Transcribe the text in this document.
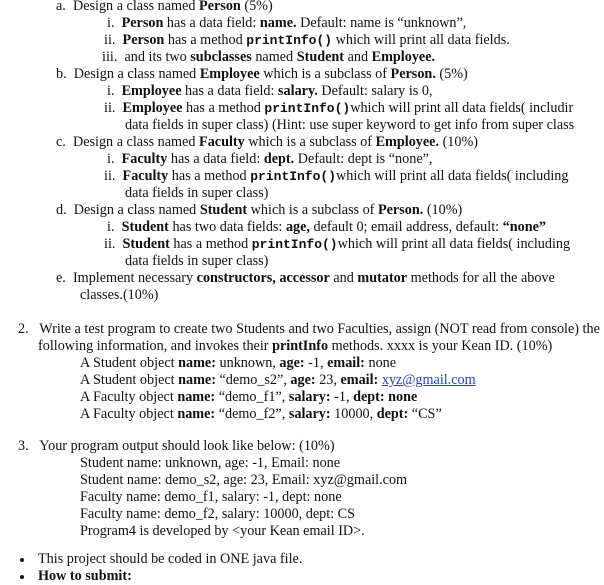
a. Design a class named Person (5%)
i. Person has a data field: name. Default: name is “unknown”,
ii. Person has a method printInfo() which will print all data fields.
iii. and its two subclasses named Student and Employee.
b. Design a class named Employee which is a subclass of Person. (5%)
i. Employee has a data field: salary. Default: salary is 0,
ii. Employee has a method printInfo()which will print all data fields( includir
data fields in super class) (Hint: use super keyword to get info from super class
c. Design a class named Faculty which is a subclass of Employee. (10%)
i. Faculty has a data field: dept. Default: dept is “none”,
ii. Faculty has a method printInfo()which will print all data fields( including
data fields in super class)
d. Design a class named Student which is a subclass of Person. (10%)
i. Student has two data fields: age, default 0; email address, default: “none”
ii. Student has a method printInfo()which will print all data fields( including
data fields in super class)
e. Implement necessary constructors, accessor and mutator methods for all the above
classes.(10%)
2. Write a test program to create two Students and two Faculties, assign (NOT read from console) the
following information, and invokes their printInfo methods. xxxx is your Kean ID. (10%)
A Student object name: unknown, age: -1, email: none
A Student object name: “demo_s2”, age: 23, email: xyz@gmail.com
A Faculty object name: “demo_f1”, salary: -1, dept: none
A Faculty object name: “demo_f2”, salary: 10000, dept: “CS”
3. Your program output should look like below: (10%)
Student name: unknown, age: -1, Email: none
Student name: demo_s2, age: 23, Email: xyz@gmail.com
Faculty name: demo_f1, salary: -1, dept: none
Faculty name: demo_f2, salary: 10000, dept: CS
Program4 is developed by <your Kean email ID>.
This project should be coded in ONE java file.
How to submit:
